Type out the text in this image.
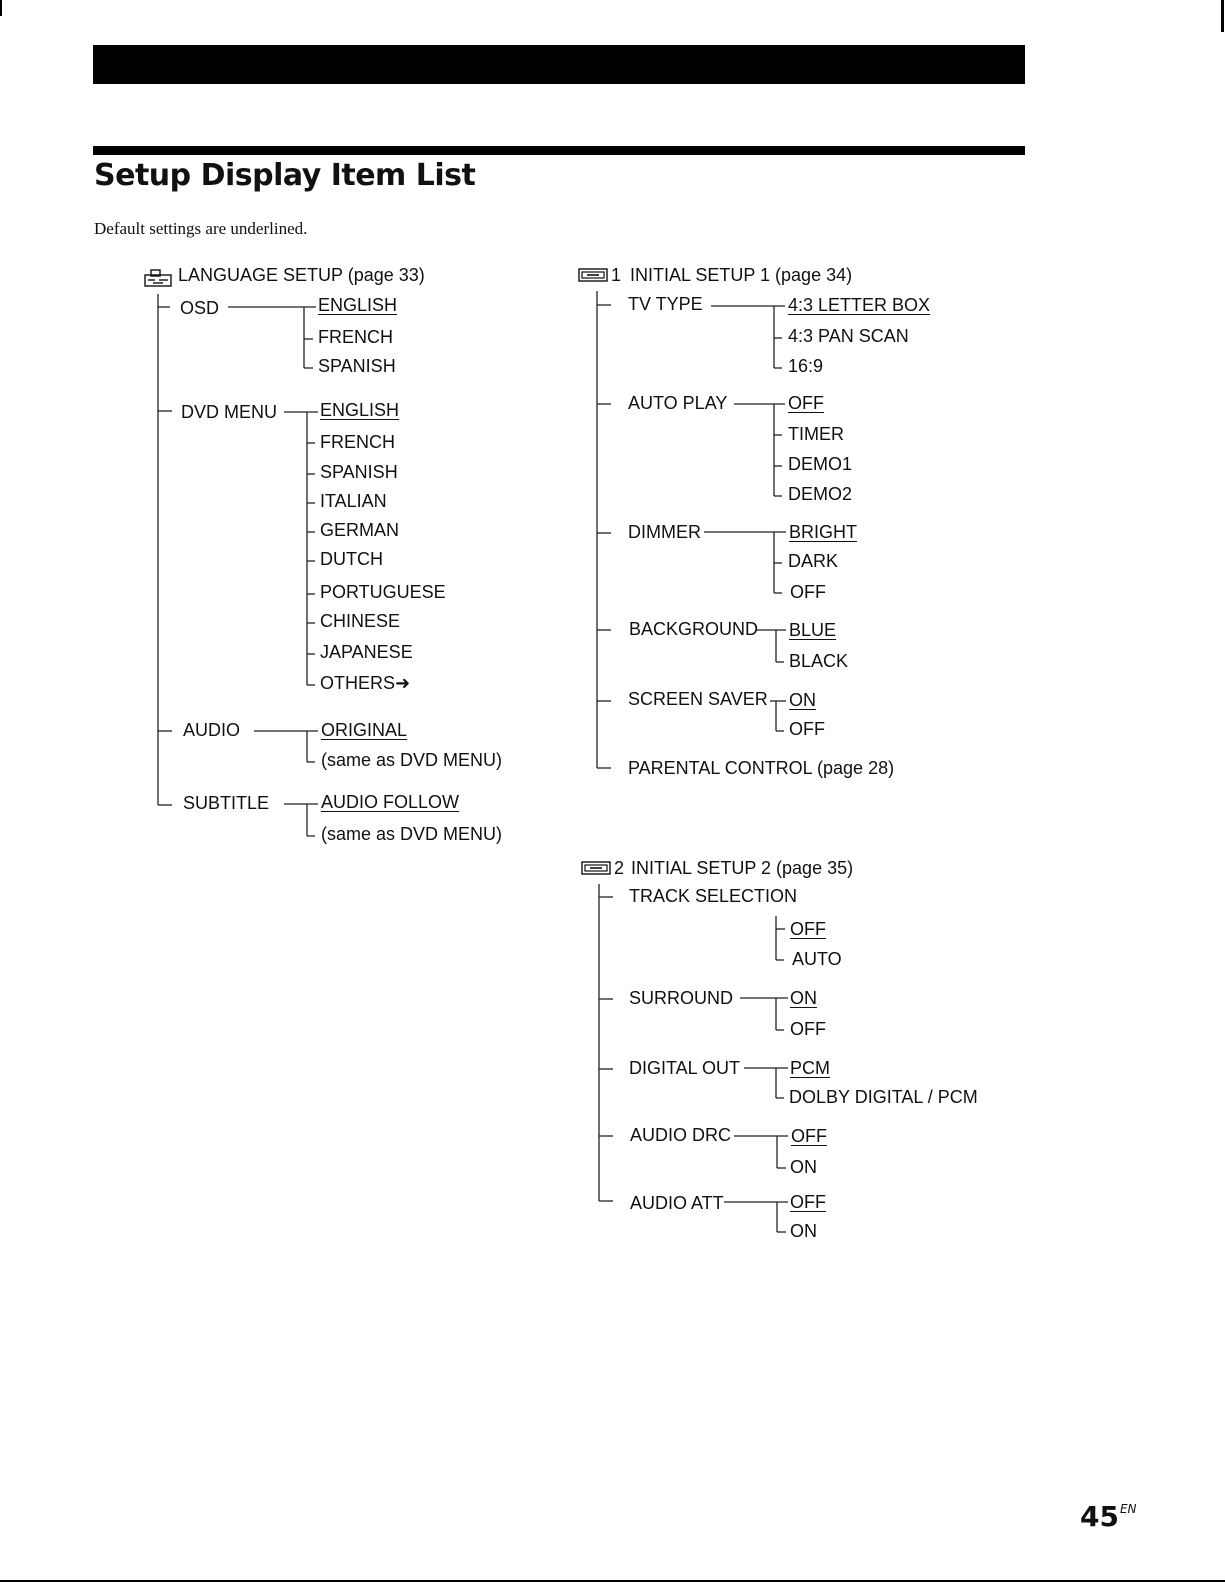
Setup Display Item List
Default settings are underlined.
LANGUAGE SETUP (page 33)
OSD	ENGLISH
FRENCH
SPANISH
DVD MENU ENGLISH
FRENCH
SPANISH
ITALIAN
GERMAN
DUTCH
PORTUGUESE
CHINESE
JAPANESE
OTHERS➜
AUDIO	ORIGINAL
(same as DVD MENU)
SUBTITLE	AUDIO FOLLOW
(same as DVD MENU)
1 INITIAL SETUP 1 (page 34)
TV TYPE	4:3 LETTER BOX
4:3 PAN SCAN
16:9
AUTO PLAY	OFF
TIMER
DEMO1
DEMO2
DIMMER	BRIGHT
DARK
OFF
BACKGROUND BLUE
BLACK
SCREEN SAVER ON
OFF
PARENTAL CONTROL (page 28)
2 INITIAL SETUP 2 (page 35)
TRACK SELECTION
OFF
AUTO
SURROUND	ON
OFF
DIGITAL OUT	PCM
DOLBY DIGITAL / PCM
AUDIO DRC	OFF
ON
AUDIO ATT	OFF
ON
$45^{EN}$
